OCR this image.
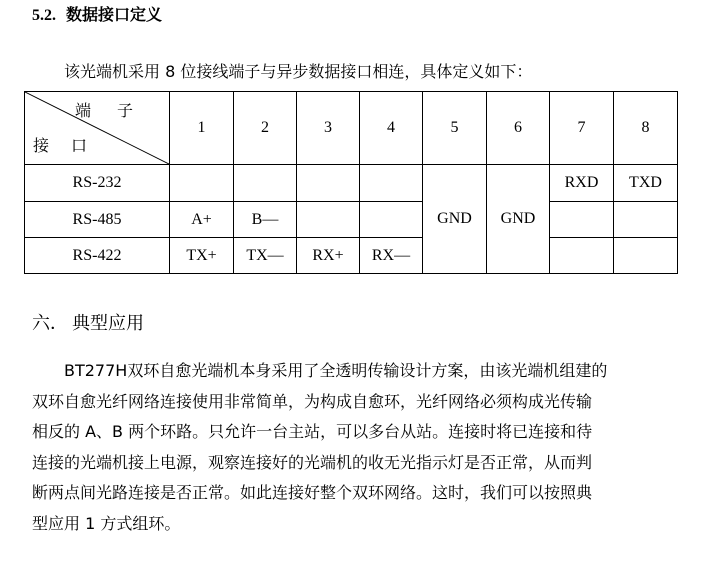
5.2. 数据接口定义
该光端机采用 8 位接线端子与异步数据接口相连，具体定义如下：
端子
接口	1	2	3	4	5	6	7	8
RS-232					GND	GND	RXD	TXD
RS-485	A+	B—						
RS-422	TX+	TX—	RX+	RX—				
六． 典型应用
BT277H双环自愈光端机本身采用了全透明传输设计方案，由该光端机组建的
双环自愈光纤网络连接使用非常简单，为构成自愈环，光纤网络必须构成光传输
相反的 A、B 两个环路。只允许一台主站，可以多台从站。连接时将已连接和待
连接的光端机接上电源，观察连接好的光端机的收无光指示灯是否正常，从而判
断两点间光路连接是否正常。如此连接好整个双环网络。这时，我们可以按照典
型应用 1 方式组环。
